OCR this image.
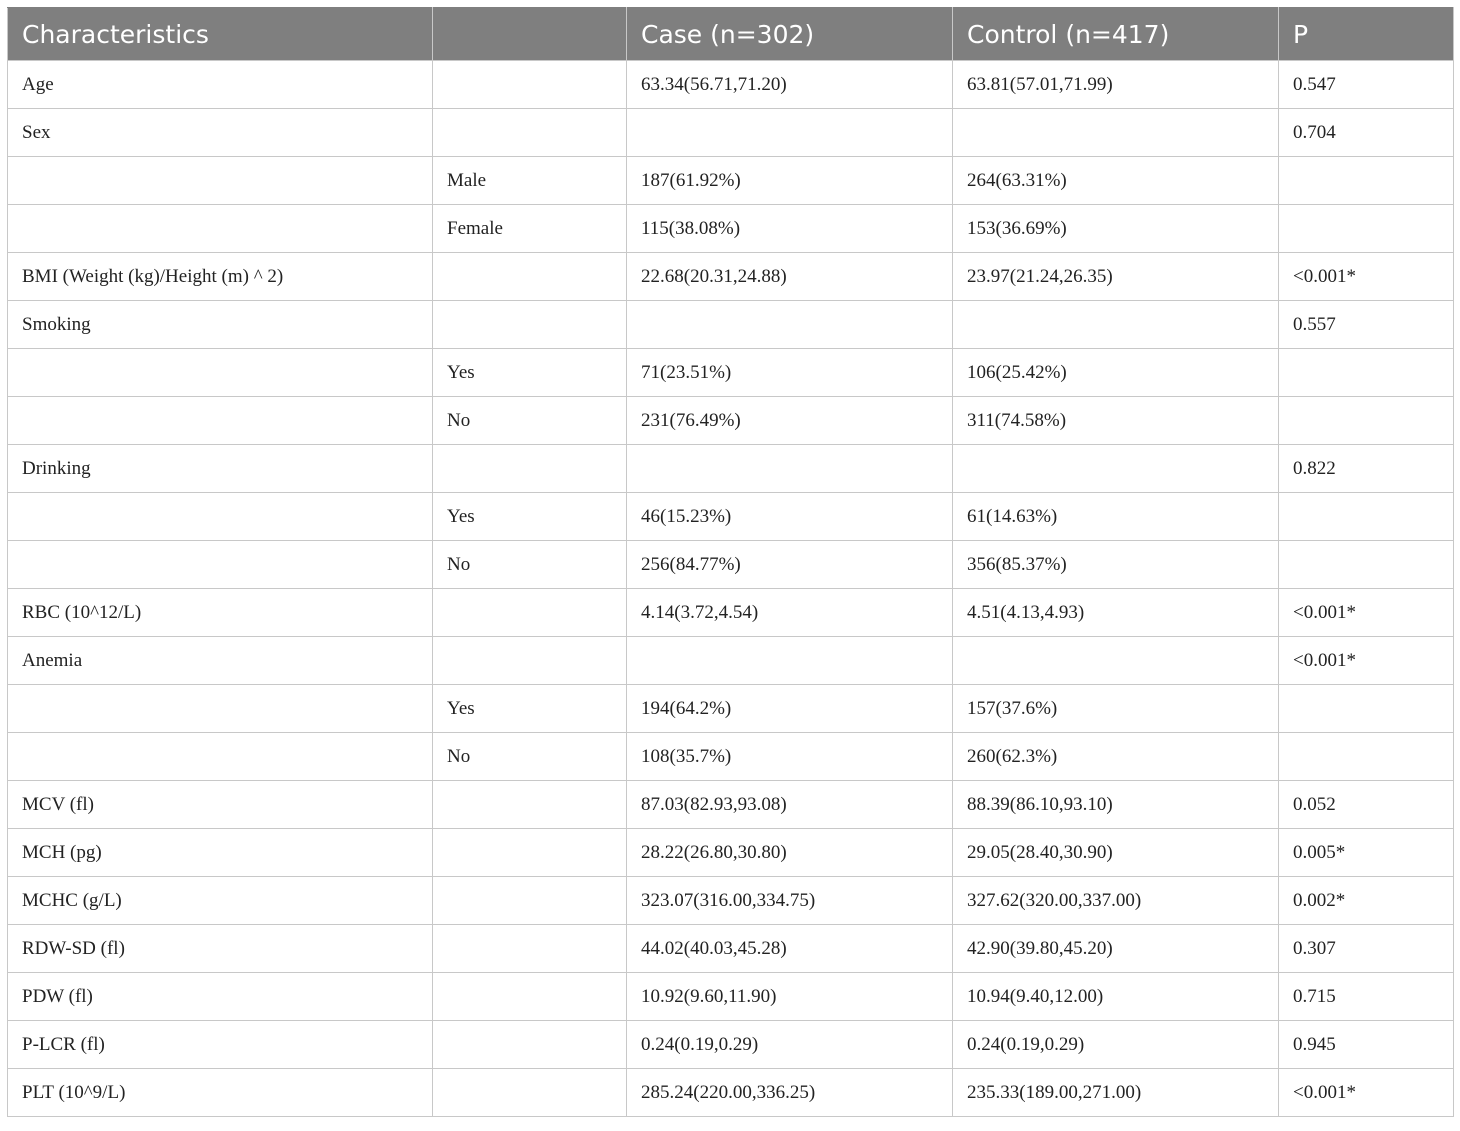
Characteristics		Case (n=302)	Control (n=417)	P
Age		63.34(56.71,71.20)	63.81(57.01,71.99)	0.547
Sex				0.704
	Male	187(61.92%)	264(63.31%)	
	Female	115(38.08%)	153(36.69%)	
BMI (Weight (kg)/Height (m) ^ 2)		22.68(20.31,24.88)	23.97(21.24,26.35)	<0.001*
Smoking				0.557
	Yes	71(23.51%)	106(25.42%)	
	No	231(76.49%)	311(74.58%)	
Drinking				0.822
	Yes	46(15.23%)	61(14.63%)	
	No	256(84.77%)	356(85.37%)	
RBC (10^12/L)		4.14(3.72,4.54)	4.51(4.13,4.93)	<0.001*
Anemia				<0.001*
	Yes	194(64.2%)	157(37.6%)	
	No	108(35.7%)	260(62.3%)	
MCV (fl)		87.03(82.93,93.08)	88.39(86.10,93.10)	0.052
MCH (pg)		28.22(26.80,30.80)	29.05(28.40,30.90)	0.005*
MCHC (g/L)		323.07(316.00,334.75)	327.62(320.00,337.00)	0.002*
RDW-SD (fl)		44.02(40.03,45.28)	42.90(39.80,45.20)	0.307
PDW (fl)		10.92(9.60,11.90)	10.94(9.40,12.00)	0.715
P-LCR (fl)		0.24(0.19,0.29)	0.24(0.19,0.29)	0.945
PLT (10^9/L)		285.24(220.00,336.25)	235.33(189.00,271.00)	<0.001*
